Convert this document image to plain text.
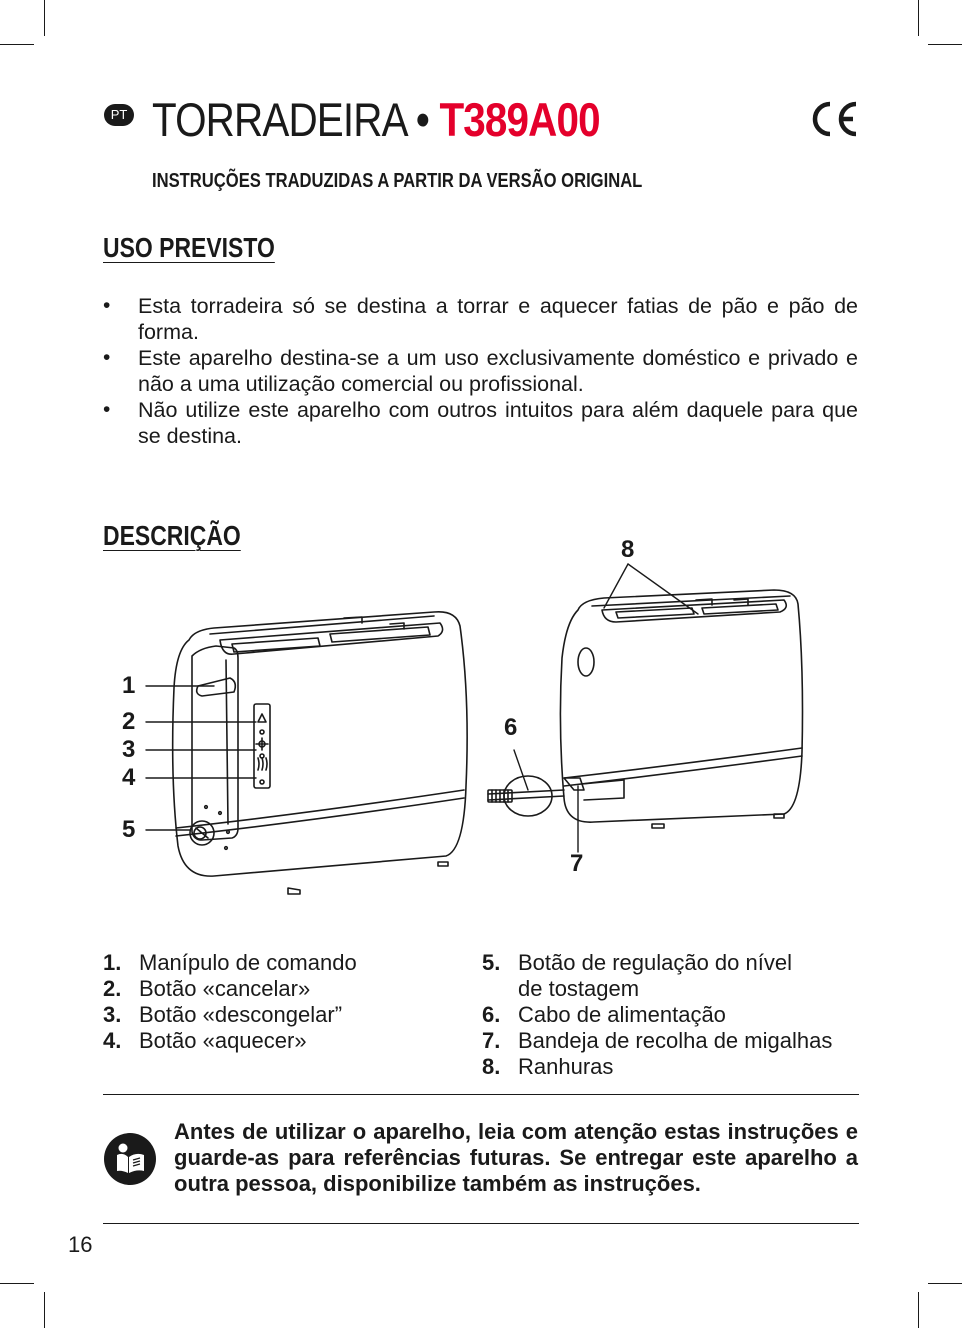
PT TORRADEIRA • T389A00
INSTRUÇÕES TRADUZIDAS A PARTIR DA VERSÃO ORIGINAL
USO PREVISTO
• Esta torradeira só se destina a torrar e aquecer fatias de pão e pão de forma.
• Este aparelho destina-se a um uso exclusivamente doméstico e privado e não a uma utilização comercial ou profissional.
• Não utilize este aparelho com outros intuitos para além daquele para que se destina.
DESCRIÇÃO
1
2
3
4
5
6
7
8
1. Manípulo de comando
2. Botão «cancelar»
3. Botão «descongelar”
4. Botão «aquecer»
5. Botão de regulação do nível
de tostagem
6. Cabo de alimentação
7. Bandeja de recolha de migalhas
8. Ranhuras
Antes de utilizar o aparelho, leia com atenção estas instruções e guarde-as para referências futuras. Se entregar este aparelho a outra pessoa, disponibilize também as instruções.
16
